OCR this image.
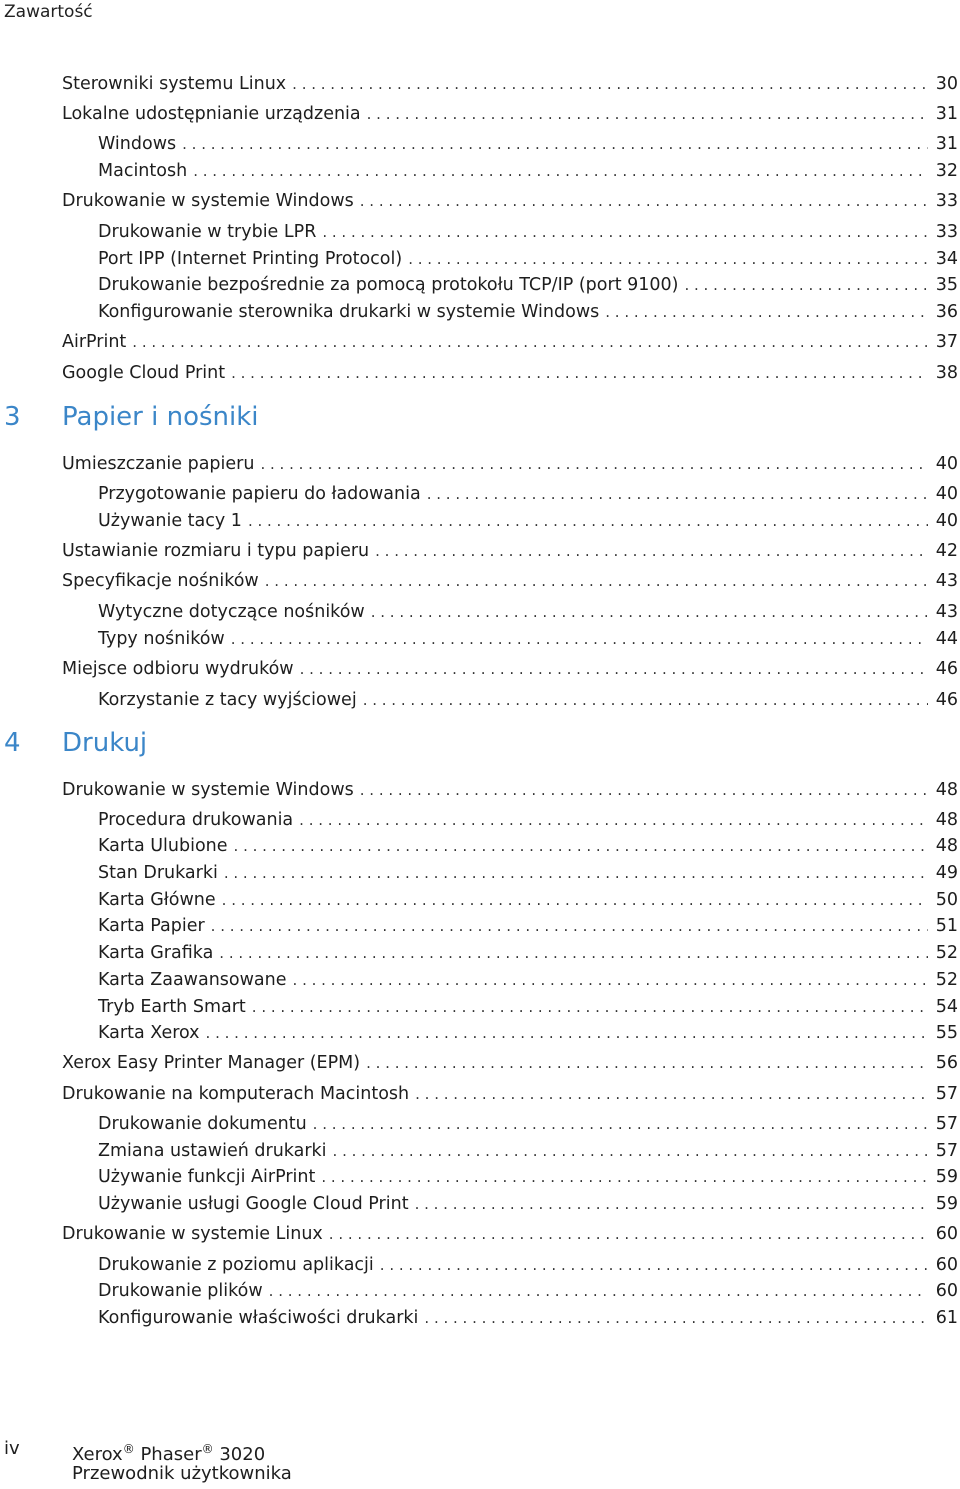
Zawartość
Sterowniki systemu Linux . . .	30
Lokalne udostępnianie urządzenia . . .	31
Windows . . .	31
Macintosh . . .	32
Drukowanie w systemie Windows . . .	33
Drukowanie w trybie LPR . . .	33
Port IPP (Internet Printing Protocol) . . .	34
Drukowanie bezpośrednie za pomocą protokołu TCP/IP (port 9100) . . .	35
Konfigurowanie sterownika drukarki w systemie Windows . . .	36
AirPrint . . .	37
Google Cloud Print . . .	38
3 Papier i nośniki
Umieszczanie papieru . . .	40
Przygotowanie papieru do ładowania . . .	40
Używanie tacy 1 . . .	40
Ustawianie rozmiaru i typu papieru . . .	42
Specyfikacje nośników . . .	43
Wytyczne dotyczące nośników . . .	43
Typy nośników . . .	44
Miejsce odbioru wydruków . . .	46
Korzystanie z tacy wyjściowej . . .	46
4 Drukuj
Drukowanie w systemie Windows . . .	48
Procedura drukowania . . .	48
Karta Ulubione . . .	48
Stan Drukarki . . .	49
Karta Główne . . .	50
Karta Papier . . .	51
Karta Grafika . . .	52
Karta Zaawansowane . . .	52
Tryb Earth Smart . . .	54
Karta Xerox . . .	55
Xerox Easy Printer Manager (EPM) . . .	56
Drukowanie na komputerach Macintosh . . .	57
Drukowanie dokumentu . . .	57
Zmiana ustawień drukarki . . .	57
Używanie funkcji AirPrint . . .	59
Używanie usługi Google Cloud Print . . .	59
Drukowanie w systemie Linux . . .	60
Drukowanie z poziomu aplikacji . . .	60
Drukowanie plików . . .	60
Konfigurowanie właściwości drukarki . . .	61
iv	Xerox® Phaser® 3020
Przewodnik użytkownika
